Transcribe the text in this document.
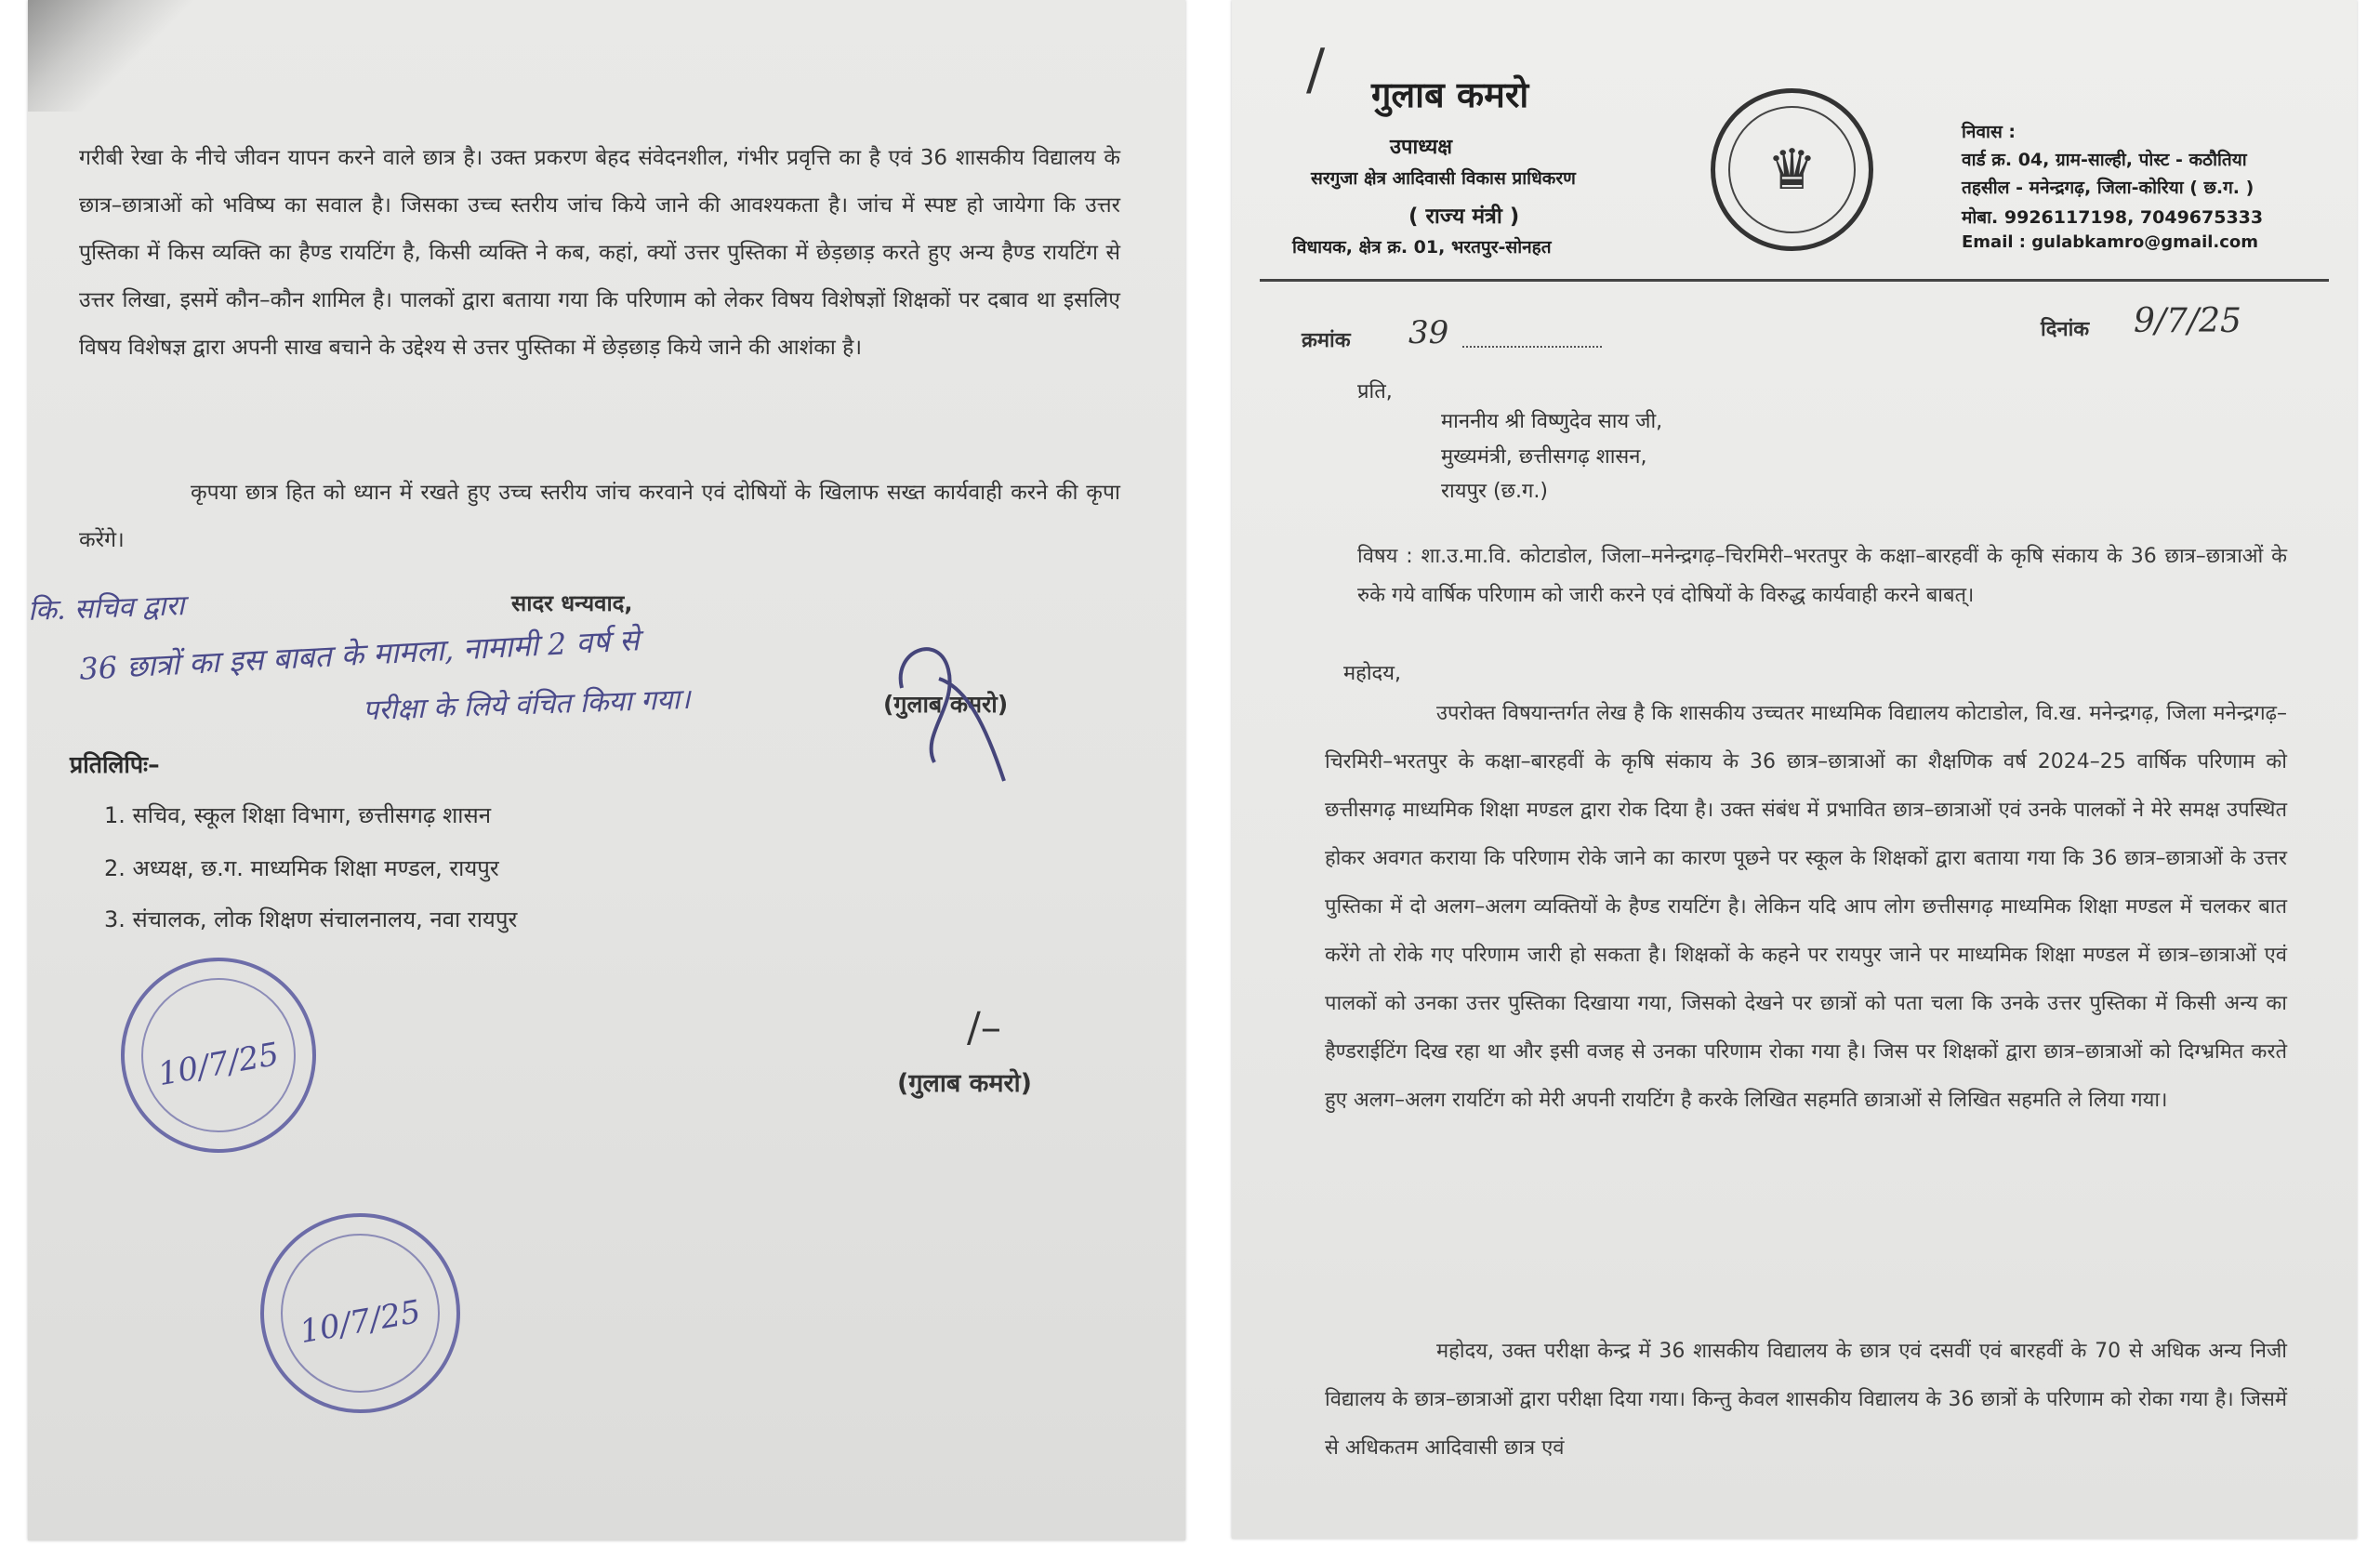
गरीबी रेखा के नीचे जीवन यापन करने वाले छात्र है। उक्त प्रकरण बेहद संवेदनशील, गंभीर प्रवृत्ति का है एवं 36 शासकीय विद्यालय के छात्र–छात्राओं को भविष्य का सवाल है। जिसका उच्च स्तरीय जांच किये जाने की आवश्यकता है। जांच में स्पष्ट हो जायेगा कि उत्तर पुस्तिका में किस व्यक्ति का हैण्ड रायटिंग है, किसी व्यक्ति ने कब, कहां, क्यों उत्तर पुस्तिका में छेड़छाड़ करते हुए अन्य हैण्ड रायटिंग से उत्तर लिखा, इसमें कौन–कौन शामिल है। पालकों द्वारा बताया गया कि परिणाम को लेकर विषय विशेषज्ञों शिक्षकों पर दबाव था इसलिए विषय विशेषज्ञ द्वारा अपनी साख बचाने के उद्देश्य से उत्तर पुस्तिका में छेड़छाड़ किये जाने की आशंका है।

कृपया छात्र हित को ध्यान में रखते हुए उच्च स्तरीय जांच करवाने एवं दोषियों के खिलाफ सख्त कार्यवाही करने की कृपा करेंगे।

सादर धन्यवाद,
कि. सचिव द्वारा
36 छात्रों का इस बाबत के मामला, नामामी 2 वर्ष से
परीक्षा के लिये वंचित किया गया।	(गुलाब कमरो)
प्रतिलिपिः–
1. सचिव, स्कूल शिक्षा विभाग, छत्तीसगढ़ शासन
2. अध्यक्ष, छ.ग. माध्यमिक शिक्षा मण्डल, रायपुर
3. संचालक, लोक शिक्षण संचालनालय, नवा रायपुर
10/7/25
10/7/25
/–
(गुलाब कमरो)
/ गुलाब कमरो
उपाध्यक्ष
सरगुजा क्षेत्र आदिवासी विकास प्राधिकरण
( राज्य मंत्री )
विधायक, क्षेत्र क्र. 01, भरतपुर-सोनहत
♛
निवास :
वार्ड क्र. 04, ग्राम-साल्ही, पोस्ट - कठौतिया
तहसील - मनेन्द्रगढ़, जिला-कोरिया ( छ.ग. )
मोबा. 9926117198, 7049675333
Email : gulabkamro@gmail.com
क्रमांक 39	दिनांक 9/7/25
प्रति,
माननीय श्री विष्णुदेव साय जी,
मुख्यमंत्री, छत्तीसगढ़ शासन,
रायपुर (छ.ग.)

विषय : शा.उ.मा.वि. कोटाडोल, जिला–मनेन्द्रगढ़–चिरमिरी–भरतपुर के कक्षा–बारहवीं के कृषि संकाय के 36 छात्र–छात्राओं के रुके गये वार्षिक परिणाम को जारी करने एवं दोषियों के विरुद्ध कार्यवाही करने बाबत्।

महोदय,

उपरोक्त विषयान्तर्गत लेख है कि शासकीय उच्चतर माध्यमिक विद्यालय कोटाडोल, वि.ख. मनेन्द्रगढ़, जिला मनेन्द्रगढ़–चिरमिरी–भरतपुर के कक्षा–बारहवीं के कृषि संकाय के 36 छात्र–छात्राओं का शैक्षणिक वर्ष 2024–25 वार्षिक परिणाम को छत्तीसगढ़ माध्यमिक शिक्षा मण्डल द्वारा रोक दिया है। उक्त संबंध में प्रभावित छात्र–छात्राओं एवं उनके पालकों ने मेरे समक्ष उपस्थित होकर अवगत कराया कि परिणाम रोके जाने का कारण पूछने पर स्कूल के शिक्षकों द्वारा बताया गया कि 36 छात्र–छात्राओं के उत्तर पुस्तिका में दो अलग–अलग व्यक्तियों के हैण्ड रायटिंग है। लेकिन यदि आप लोग छत्तीसगढ़ माध्यमिक शिक्षा मण्डल में चलकर बात करेंगे तो रोके गए परिणाम जारी हो सकता है। शिक्षकों के कहने पर रायपुर जाने पर माध्यमिक शिक्षा मण्डल में छात्र–छात्राओं एवं पालकों को उनका उत्तर पुस्तिका दिखाया गया, जिसको देखने पर छात्रों को पता चला कि उनके उत्तर पुस्तिका में किसी अन्य का हैण्डराईटिंग दिख रहा था और इसी वजह से उनका परिणाम रोका गया है। जिस पर शिक्षकों द्वारा छात्र–छात्राओं को दिग्भ्रमित करते हुए अलग–अलग रायटिंग को मेरी अपनी रायटिंग है करके लिखित सहमति छात्राओं से लिखित सहमति ले लिया गया।

महोदय, उक्त परीक्षा केन्द्र में 36 शासकीय विद्यालय के छात्र एवं दसवीं एवं बारहवीं के 70 से अधिक अन्य निजी विद्यालय के छात्र–छात्राओं द्वारा परीक्षा दिया गया। किन्तु केवल शासकीय विद्यालय के 36 छात्रों के परिणाम को रोका गया है। जिसमें से अधिकतम आदिवासी छात्र एवं
